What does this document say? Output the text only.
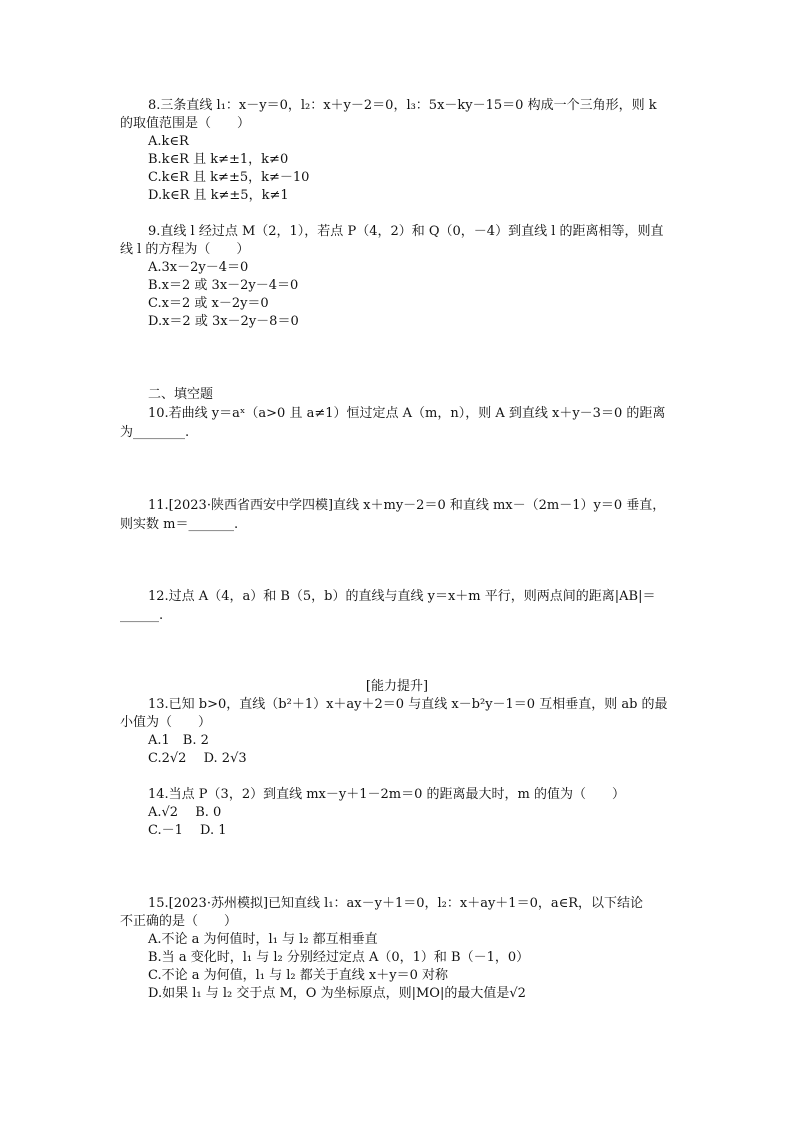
8.三条直线 l₁：x－y＝0，l₂：x＋y－2＝0，l₃：5x－ky－15＝0 构成一个三角形，则 k
的取值范围是（　　）
A.k∈R
B.k∈R 且 k≠±1，k≠0
C.k∈R 且 k≠±5，k≠－10
D.k∈R 且 k≠±5，k≠1
9.直线 l 经过点 M（2，1），若点 P（4，2）和 Q（0，－4）到直线 l 的距离相等，则直
线 l 的方程为（　　）
A.3x－2y－4＝0
B.x＝2 或 3x－2y－4＝0
C.x＝2 或 x－2y＝0
D.x＝2 或 3x－2y－8＝0
二、填空题
10.若曲线 y＝aˣ（a>0 且 a≠1）恒过定点 A（m，n），则 A 到直线 x＋y－3＝0 的距离
为________.
11.[2023·陕西省西安中学四模]直线 x＋my－2＝0 和直线 mx－（2m－1）y＝0 垂直，
则实数 m＝_______.
12.过点 A（4，a）和 B（5，b）的直线与直线 y＝x＋m 平行，则两点间的距离|AB|＝
______.
[能力提升]
13.已知 b>0，直线（b²＋1）x＋ay＋2＝0 与直线 x－b²y－1＝0 互相垂直，则 ab 的最
小值为（　　）
A.1　B. 2
C.2√2　 D. 2√3
14.当点 P（3，2）到直线 mx－y＋1－2m＝0 的距离最大时，m 的值为（　　）
A.√2　 B. 0
C.－1　 D. 1
15.[2023·苏州模拟]已知直线 l₁：ax－y＋1＝0，l₂：x＋ay＋1＝0，a∈R，以下结论
不正确的是（　　）
A.不论 a 为何值时，l₁ 与 l₂ 都互相垂直
B.当 a 变化时，l₁ 与 l₂ 分别经过定点 A（0，1）和 B（－1，0）
C.不论 a 为何值，l₁ 与 l₂ 都关于直线 x＋y＝0 对称
D.如果 l₁ 与 l₂ 交于点 M，O 为坐标原点，则|MO|的最大值是√2
